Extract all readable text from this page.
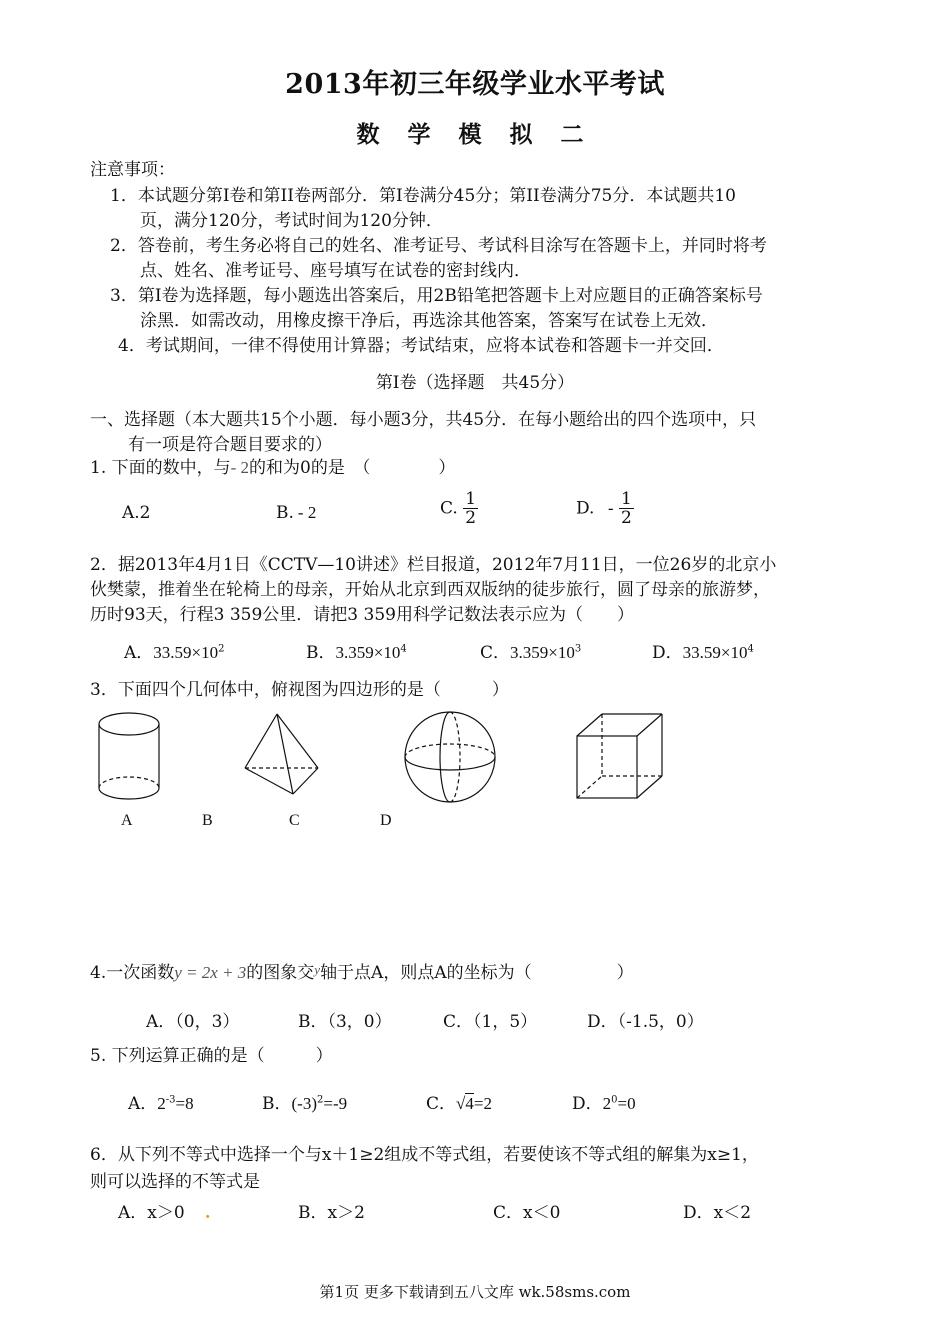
2013年初三年级学业水平考试
数 学 模 拟 二
注意事项：
1．本试题分第I卷和第II卷两部分．第I卷满分45分；第II卷满分75分．本试题共10
页，满分120分，考试时间为120分钟．
2．答卷前，考生务必将自己的姓名、准考证号、考试科目涂写在答题卡上，并同时将考
点、姓名、准考证号、座号填写在试卷的密封线内．
3．第I卷为选择题，每小题选出答案后，用2B铅笔把答题卡上对应题目的正确答案标号
涂黑．如需改动，用橡皮擦干净后，再选涂其他答案，答案写在试卷上无效．
4．考试期间，一律不得使用计算器；考试结束，应将本试卷和答题卡一并交回．
第I卷（选择题　共45分）
一、选择题（本大题共15个小题．每小题3分，共45分．在每小题给出的四个选项中，只
有一项是符合题目要求的）
1. 下面的数中，与- 2的和为0的是　（　　　　）
A.2	B. - 2	C. $\frac{1}{2}$	D. - $\frac{1}{2}$
2．据2013年4月1日《CCTV—10讲述》栏目报道，2012年7月11日，一位26岁的北京小
伙樊蒙，推着坐在轮椅上的母亲，开始从北京到西双版纳的徒步旅行，圆了母亲的旅游梦，
历时93天，行程3 359公里．请把3 359用科学记数法表示应为（　　）
A．$33.59\times 10^2$	B．$3.359\times 10^4$	C．$3.359\times 10^3$	D．$33.59\times 10^4$
3．下面四个几何体中，俯视图为四边形的是（　　　）
A	B	C	D
4.一次函数y = 2x + 3的图象交$^y$轴于点A，则点A的坐标为（　　　　　）
A．（0，3）	B．（3，0）	C．（1，5）	D．（-1.5，0）
5. 下列运算正确的是（　　　）
A．$2^{-3}=8$	B．$(-3)^2=-9$	C．√4=2	D．$2^0=0$
6．从下列不等式中选择一个与x＋1≥2组成不等式组，若要使该不等式组的解集为x≥1，
则可以选择的不等式是
A．x＞0 .	B．x＞2	C．x＜0	D．x＜2
第1页 更多下载请到五八文库 wk.58sms.com
